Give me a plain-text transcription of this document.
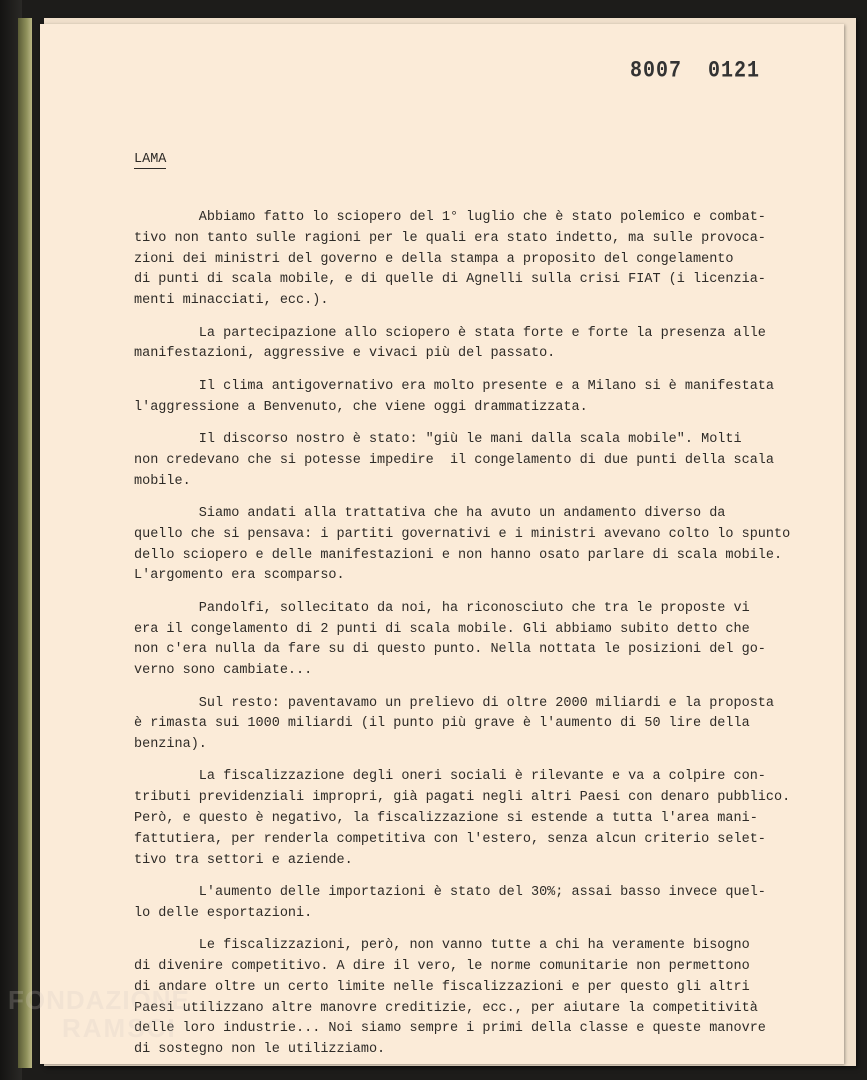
8007  0121
LAMA
Abbiamo fatto lo sciopero del 1° luglio che è stato polemico e combat-
tivo non tanto sulle ragioni per le quali era stato indetto, ma sulle provoca-
zioni dei ministri del governo e della stampa a proposito del congelamento
di punti di scala mobile, e di quelle di Agnelli sulla crisi FIAT (i licenzia-
menti minacciati, ecc.).
La partecipazione allo sciopero è stata forte e forte la presenza alle
manifestazioni, aggressive e vivaci più del passato.
Il clima antigovernativo era molto presente e a Milano si è manifestata
l'aggressione a Benvenuto, che viene oggi drammatizzata.
Il discorso nostro è stato: "giù le mani dalla scala mobile". Molti
non credevano che si potesse impedire  il congelamento di due punti della scala
mobile.
Siamo andati alla trattativa che ha avuto un andamento diverso da
quello che si pensava: i partiti governativi e i ministri avevano colto lo spunto
dello sciopero e delle manifestazioni e non hanno osato parlare di scala mobile.
L'argomento era scomparso.
Pandolfi, sollecitato da noi, ha riconosciuto che tra le proposte vi
era il congelamento di 2 punti di scala mobile. Gli abbiamo subito detto che
non c'era nulla da fare su di questo punto. Nella nottata le posizioni del go-
verno sono cambiate...
Sul resto: paventavamo un prelievo di oltre 2000 miliardi e la proposta
è rimasta sui 1000 miliardi (il punto più grave è l'aumento di 50 lire della
benzina).
La fiscalizzazione degli oneri sociali è rilevante e va a colpire con-
tributi previdenziali impropri, già pagati negli altri Paesi con denaro pubblico.
Però, e questo è negativo, la fiscalizzazione si estende a tutta l'area mani-
fattutiera, per renderla competitiva con l'estero, senza alcun criterio selet-
tivo tra settori e aziende.
L'aumento delle importazioni è stato del 30%; assai basso invece quel-
lo delle esportazioni.
Le fiscalizzazioni, però, non vanno tutte a chi ha veramente bisogno
di divenire competitivo. A dire il vero, le norme comunitarie non permettono
di andare oltre un certo limite nelle fiscalizzazioni e per questo gli altri
Paesi utilizzano altre manovre creditizie, ecc., per aiutare la competitività
delle loro industrie... Noi siamo sempre i primi della classe e queste manovre
di sostegno non le utilizziamo.
FONDAZIONE
RAMSCI
